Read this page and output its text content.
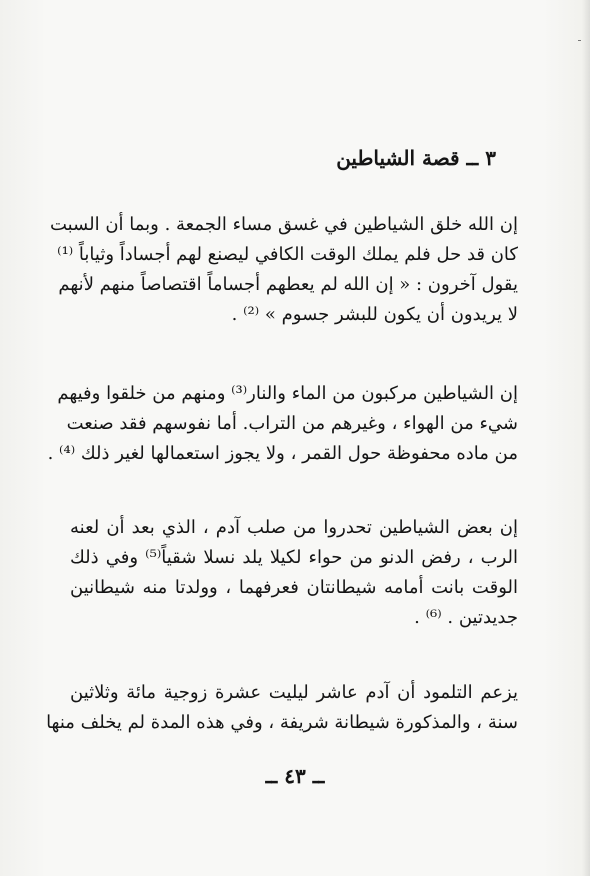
٣ ــ قصة الشياطين
إن الله خلق الشياطين في غسق مساء الجمعة . وبما أن السبت
كان قد حل فلم يملك الوقت الكافي ليصنع لهم أجساداً وثياباً ⁽¹⁾
يقول آخرون : « إن الله لم يعطهم أجساماً اقتصاصاً منهم لأنهم
لا يريدون أن يكون للبشر جسوم » ⁽²⁾ .
إن الشياطين مركبون من الماء والنار⁽³⁾ ومنهم من خلقوا وفيهم
شيء من الهواء ، وغيرهم من التراب. أما نفوسهم فقد صنعت
من ماده محفوظة حول القمر ، ولا يجوز استعمالها لغير ذلك ⁽⁴⁾ .
إن بعض الشياطين تحدروا من صلب آدم ، الذي بعد أن لعنه
الرب ، رفض الدنو من حواء لكيلا يلد نسلا شقياً⁽⁵⁾ وفي ذلك
الوقت بانت أمامه شيطانتان فعرفهما ، وولدتا منه شيطانين
جديدتين . ⁽⁶⁾ .
يزعم التلمود أن آدم عاشر ليليت عشرة زوجية مائة وثلاثين
سنة ، والمذكورة شيطانة شريفة ، وفي هذه المدة لم يخلف منها
ــ ٤٣ ــ
